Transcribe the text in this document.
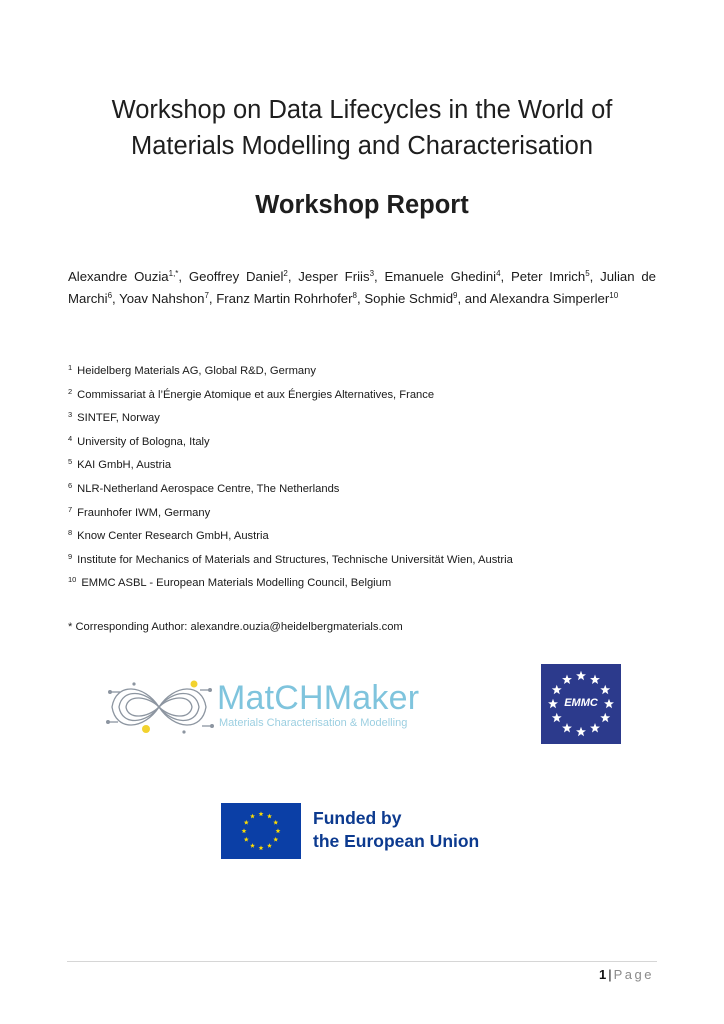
Workshop on Data Lifecycles in the World of
Materials Modelling and Characterisation
Workshop Report
Alexandre Ouzia$^{1,*}$, Geoffrey Daniel$^2$, Jesper Friis$^3$, Emanuele Ghedini$^4$, Peter Imrich$^5$, Julian de Marchi$^6$, Yoav Nahshon$^7$, Franz Martin Rohrhofer$^8$, Sophie Schmid$^9$, and Alexandra Simperler$^{10}$
$^1$ Heidelberg Materials AG, Global R&D, Germany
$^2$ Commissariat à l’Énergie Atomique et aux Énergies Alternatives, France
$^3$ SINTEF, Norway
$^4$ University of Bologna, Italy
$^5$ KAI GmbH, Austria
$^6$ NLR-Netherland Aerospace Centre, The Netherlands
$^7$ Fraunhofer IWM, Germany
$^8$ Know Center Research GmbH, Austria
$^9$ Institute for Mechanics of Materials and Structures, Technische Universität Wien, Austria
$^{10}$ EMMC ASBL - European Materials Modelling Council, Belgium
* Corresponding Author: alexandre.ouzia@heidelbergmaterials.com
MatCHMaker
Materials Characterisation & Modelling
EMMC
Funded by
the European Union
1 | Page
